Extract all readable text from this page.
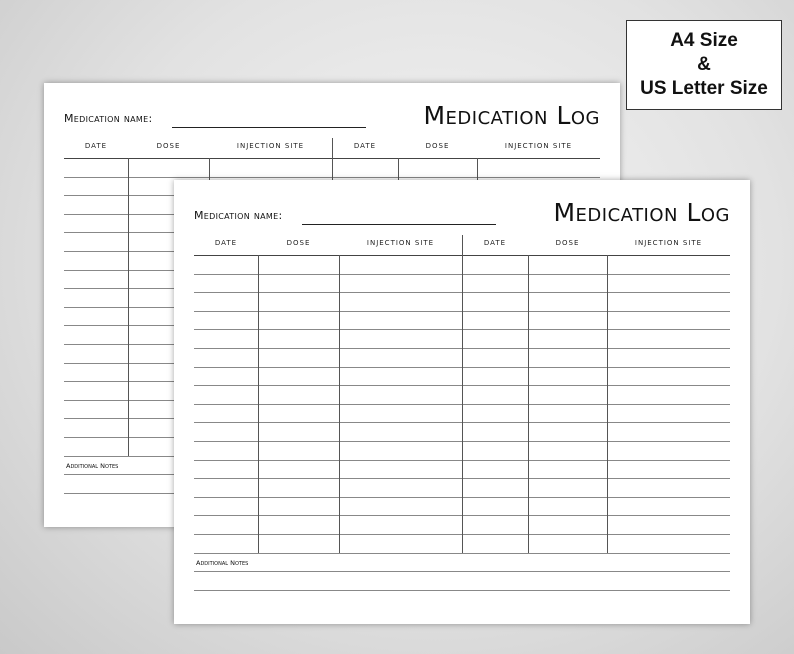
A4 Size
&
US Letter Size
Medication name:	Medication Log
DATE	DOSE	INJECTION SITE	DATE	DOSE	INJECTION SITE
Additional Notes
Medication name:	Medication Log
DATE	DOSE	INJECTION SITE	DATE	DOSE	INJECTION SITE
Additional Notes
